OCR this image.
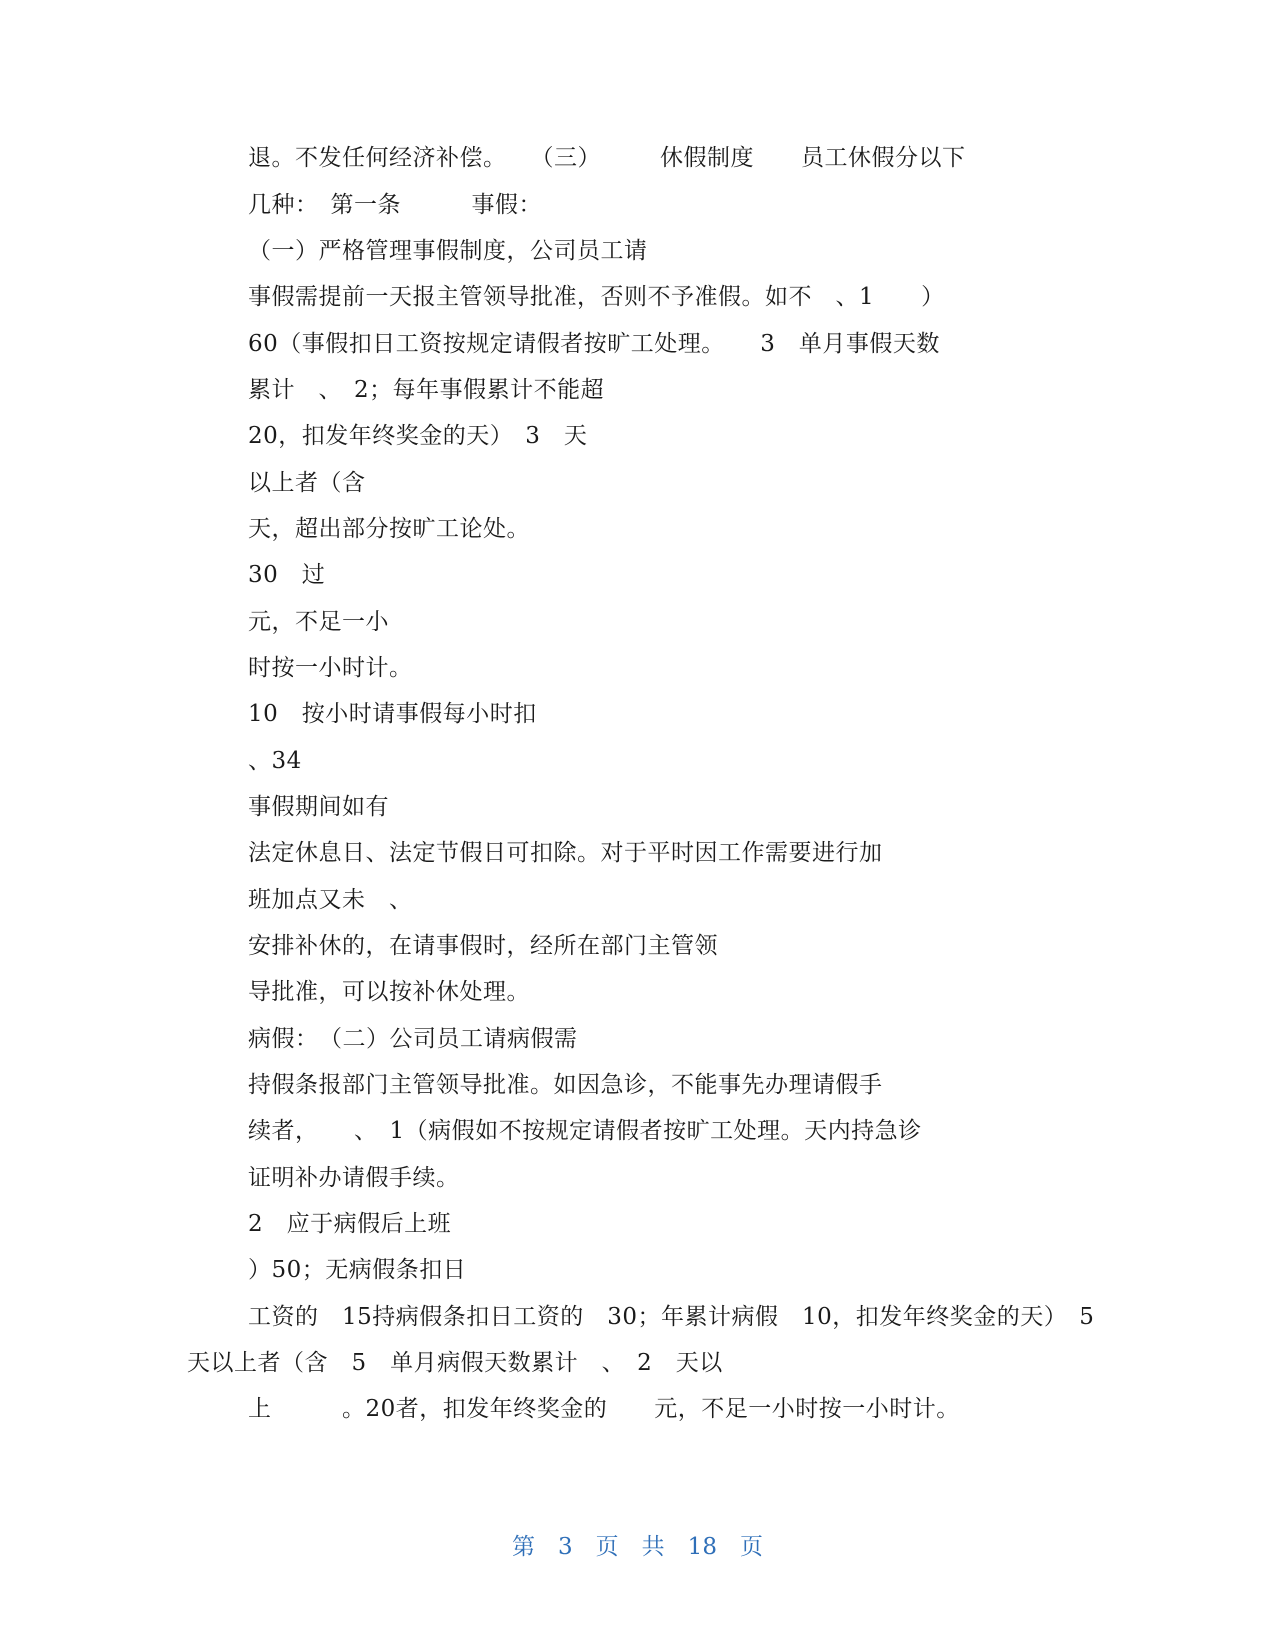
退。不发任何经济补偿。　　（三）　　　休假制度　　员工休假分以下
几种：　第一条　　　事假：
（一）严格管理事假制度，公司员工请
事假需提前一天报主管领导批准，否则不予准假。如不　、1　　）
60（事假扣日工资按规定请假者按旷工处理。　　3　单月事假天数
累计　、　2；每年事假累计不能超
20，扣发年终奖金的天）　3　天
以上者（含
天，超出部分按旷工论处。
30　过
元，不足一小
时按一小时计。
10　按小时请事假每小时扣
、34
事假期间如有
法定休息日、法定节假日可扣除。对于平时因工作需要进行加
班加点又未　、
安排补休的，在请事假时，经所在部门主管领
导批准，可以按补休处理。
病假：　（二）公司员工请病假需
持假条报部门主管领导批准。如因急诊，不能事先办理请假手
续者，　　、　1（病假如不按规定请假者按旷工处理。天内持急诊
证明补办请假手续。
2　应于病假后上班
）50；无病假条扣日
工资的　15持病假条扣日工资的　30；年累计病假　10，扣发年终奖金的天）　5
天以上者（含　5　单月病假天数累计　、　2　天以
上　　　。20者，扣发年终奖金的　　元，不足一小时按一小时计。
第　3　页　共　18　页
